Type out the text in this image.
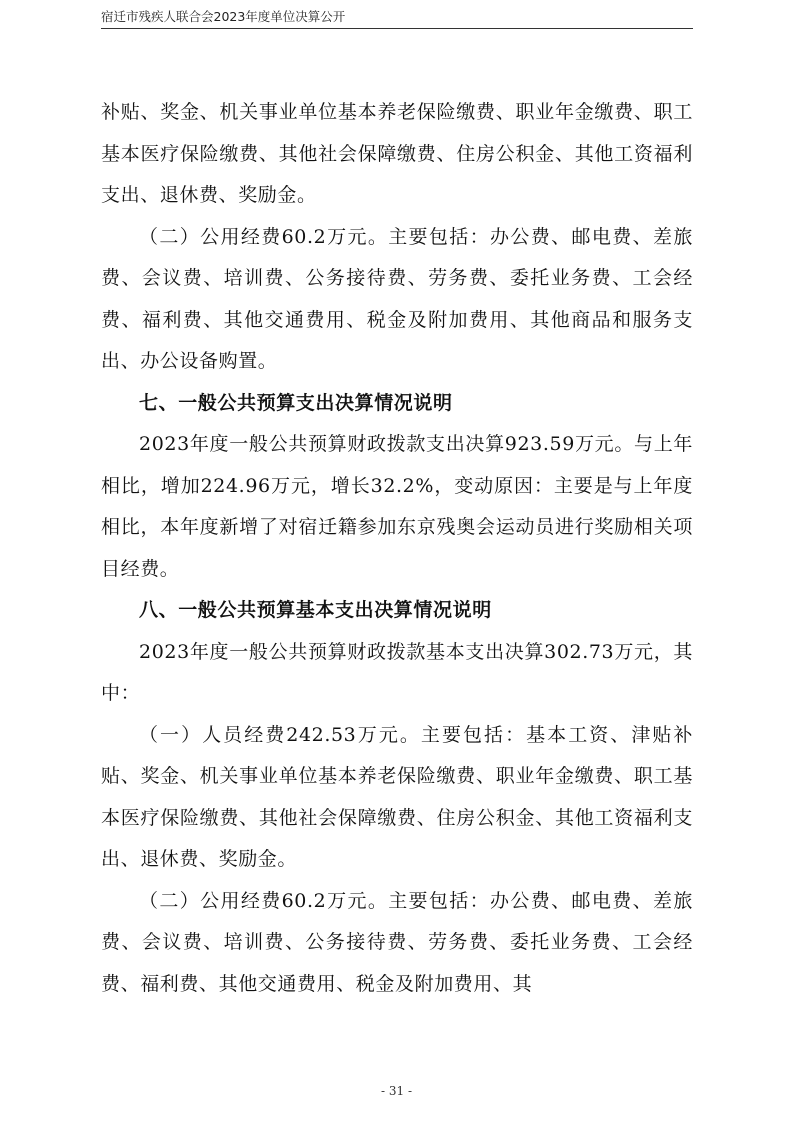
宿迁市残疾人联合会2023年度单位决算公开

补贴、奖金、机关事业单位基本养老保险缴费、职业年金缴费、职工基本医疗保险缴费、其他社会保障缴费、住房公积金、其他工资福利支出、退休费、奖励金。

（二）公用经费60.2万元。主要包括：办公费、邮电费、差旅费、会议费、培训费、公务接待费、劳务费、委托业务费、工会经费、福利费、其他交通费用、税金及附加费用、其他商品和服务支出、办公设备购置。

七、一般公共预算支出决算情况说明

2023年度一般公共预算财政拨款支出决算923.59万元。与上年相比，增加224.96万元，增长32.2%，变动原因：主要是与上年度相比，本年度新增了对宿迁籍参加东京残奥会运动员进行奖励相关项目经费。

八、一般公共预算基本支出决算情况说明

2023年度一般公共预算财政拨款基本支出决算302.73万元，其中：

（一）人员经费242.53万元。主要包括：基本工资、津贴补贴、奖金、机关事业单位基本养老保险缴费、职业年金缴费、职工基本医疗保险缴费、其他社会保障缴费、住房公积金、其他工资福利支出、退休费、奖励金。

（二）公用经费60.2万元。主要包括：办公费、邮电费、差旅费、会议费、培训费、公务接待费、劳务费、委托业务费、工会经费、福利费、其他交通费用、税金及附加费用、其

- 31 -
